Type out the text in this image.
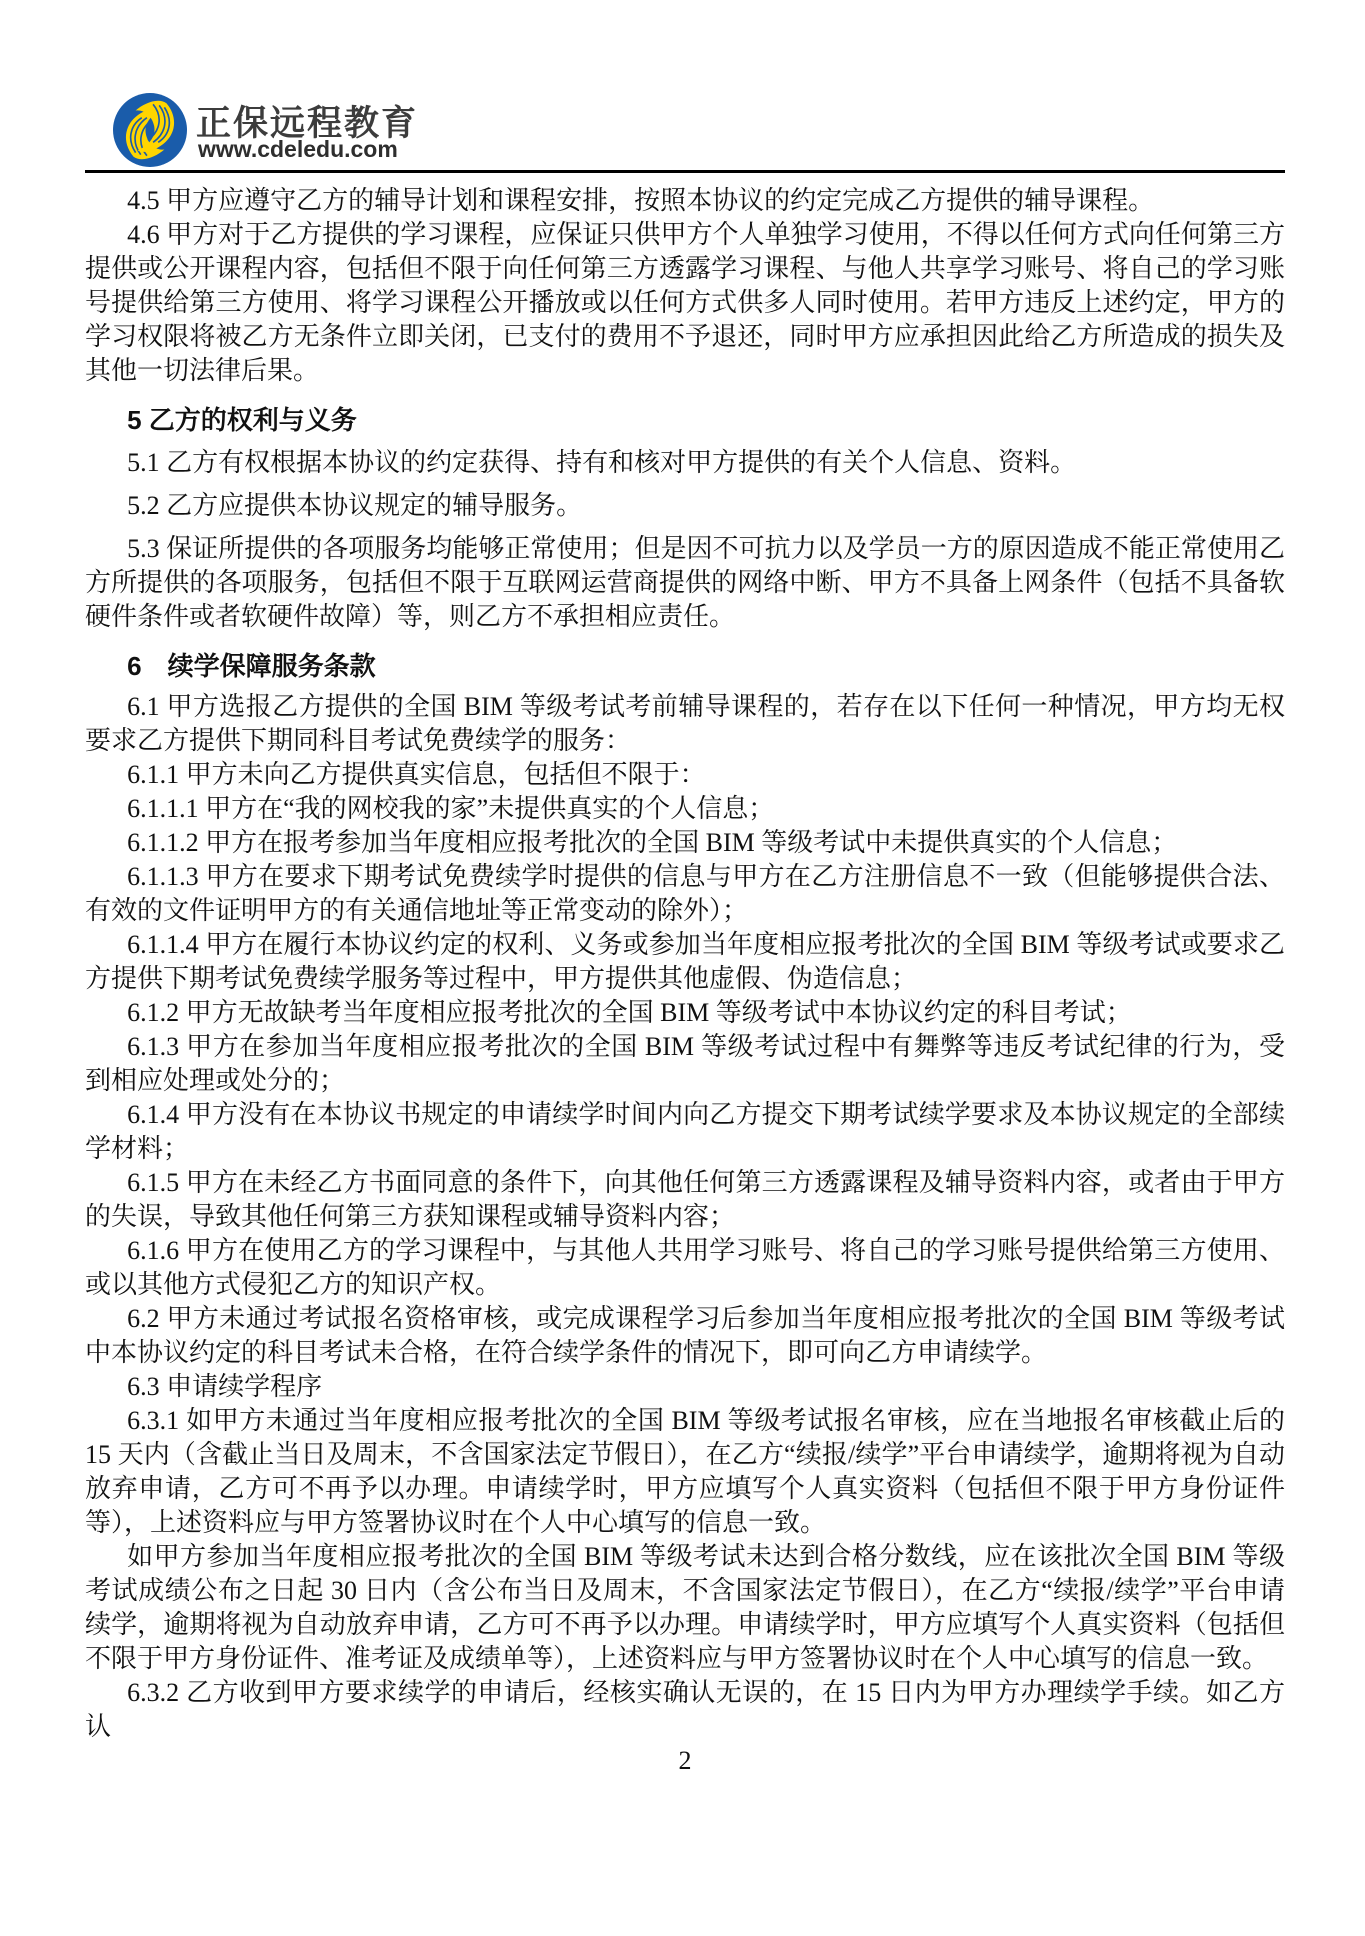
正保远程教育
www.cdeledu.com

4.5 甲方应遵守乙方的辅导计划和课程安排，按照本协议的约定完成乙方提供的辅导课程。

4.6 甲方对于乙方提供的学习课程，应保证只供甲方个人单独学习使用，不得以任何方式向任何第三方提供或公开课程内容，包括但不限于向任何第三方透露学习课程、与他人共享学习账号、将自己的学习账号提供给第三方使用、将学习课程公开播放或以任何方式供多人同时使用。若甲方违反上述约定，甲方的学习权限将被乙方无条件立即关闭，已支付的费用不予退还，同时甲方应承担因此给乙方所造成的损失及其他一切法律后果。

5 乙方的权利与义务

5.1 乙方有权根据本协议的约定获得、持有和核对甲方提供的有关个人信息、资料。

5.2 乙方应提供本协议规定的辅导服务。

5.3 保证所提供的各项服务均能够正常使用；但是因不可抗力以及学员一方的原因造成不能正常使用乙方所提供的各项服务，包括但不限于互联网运营商提供的网络中断、甲方不具备上网条件（包括不具备软硬件条件或者软硬件故障）等，则乙方不承担相应责任。

6　续学保障服务条款

6.1 甲方选报乙方提供的全国 BIM 等级考试考前辅导课程的，若存在以下任何一种情况，甲方均无权要求乙方提供下期同科目考试免费续学的服务：

6.1.1 甲方未向乙方提供真实信息，包括但不限于：

6.1.1.1 甲方在“我的网校我的家”未提供真实的个人信息；

6.1.1.2 甲方在报考参加当年度相应报考批次的全国 BIM 等级考试中未提供真实的个人信息；

6.1.1.3 甲方在要求下期考试免费续学时提供的信息与甲方在乙方注册信息不一致（但能够提供合法、有效的文件证明甲方的有关通信地址等正常变动的除外）；

6.1.1.4 甲方在履行本协议约定的权利、义务或参加当年度相应报考批次的全国 BIM 等级考试或要求乙方提供下期考试免费续学服务等过程中，甲方提供其他虚假、伪造信息；

6.1.2 甲方无故缺考当年度相应报考批次的全国 BIM 等级考试中本协议约定的科目考试；

6.1.3 甲方在参加当年度相应报考批次的全国 BIM 等级考试过程中有舞弊等违反考试纪律的行为，受到相应处理或处分的；

6.1.4 甲方没有在本协议书规定的申请续学时间内向乙方提交下期考试续学要求及本协议规定的全部续学材料；

6.1.5 甲方在未经乙方书面同意的条件下，向其他任何第三方透露课程及辅导资料内容，或者由于甲方的失误，导致其他任何第三方获知课程或辅导资料内容；

6.1.6 甲方在使用乙方的学习课程中，与其他人共用学习账号、将自己的学习账号提供给第三方使用、或以其他方式侵犯乙方的知识产权。

6.2 甲方未通过考试报名资格审核，或完成课程学习后参加当年度相应报考批次的全国 BIM 等级考试中本协议约定的科目考试未合格，在符合续学条件的情况下，即可向乙方申请续学。

6.3 申请续学程序

6.3.1 如甲方未通过当年度相应报考批次的全国 BIM 等级考试报名审核，应在当地报名审核截止后的 15 天内（含截止当日及周末，不含国家法定节假日），在乙方“续报/续学”平台申请续学，逾期将视为自动放弃申请，乙方可不再予以办理。申请续学时，甲方应填写个人真实资料（包括但不限于甲方身份证件等），上述资料应与甲方签署协议时在个人中心填写的信息一致。

如甲方参加当年度相应报考批次的全国 BIM 等级考试未达到合格分数线，应在该批次全国 BIM 等级考试成绩公布之日起 30 日内（含公布当日及周末，不含国家法定节假日），在乙方“续报/续学”平台申请续学，逾期将视为自动放弃申请，乙方可不再予以办理。申请续学时，甲方应填写个人真实资料（包括但不限于甲方身份证件、准考证及成绩单等），上述资料应与甲方签署协议时在个人中心填写的信息一致。

6.3.2 乙方收到甲方要求续学的申请后，经核实确认无误的，在 15 日内为甲方办理续学手续。如乙方认

2
